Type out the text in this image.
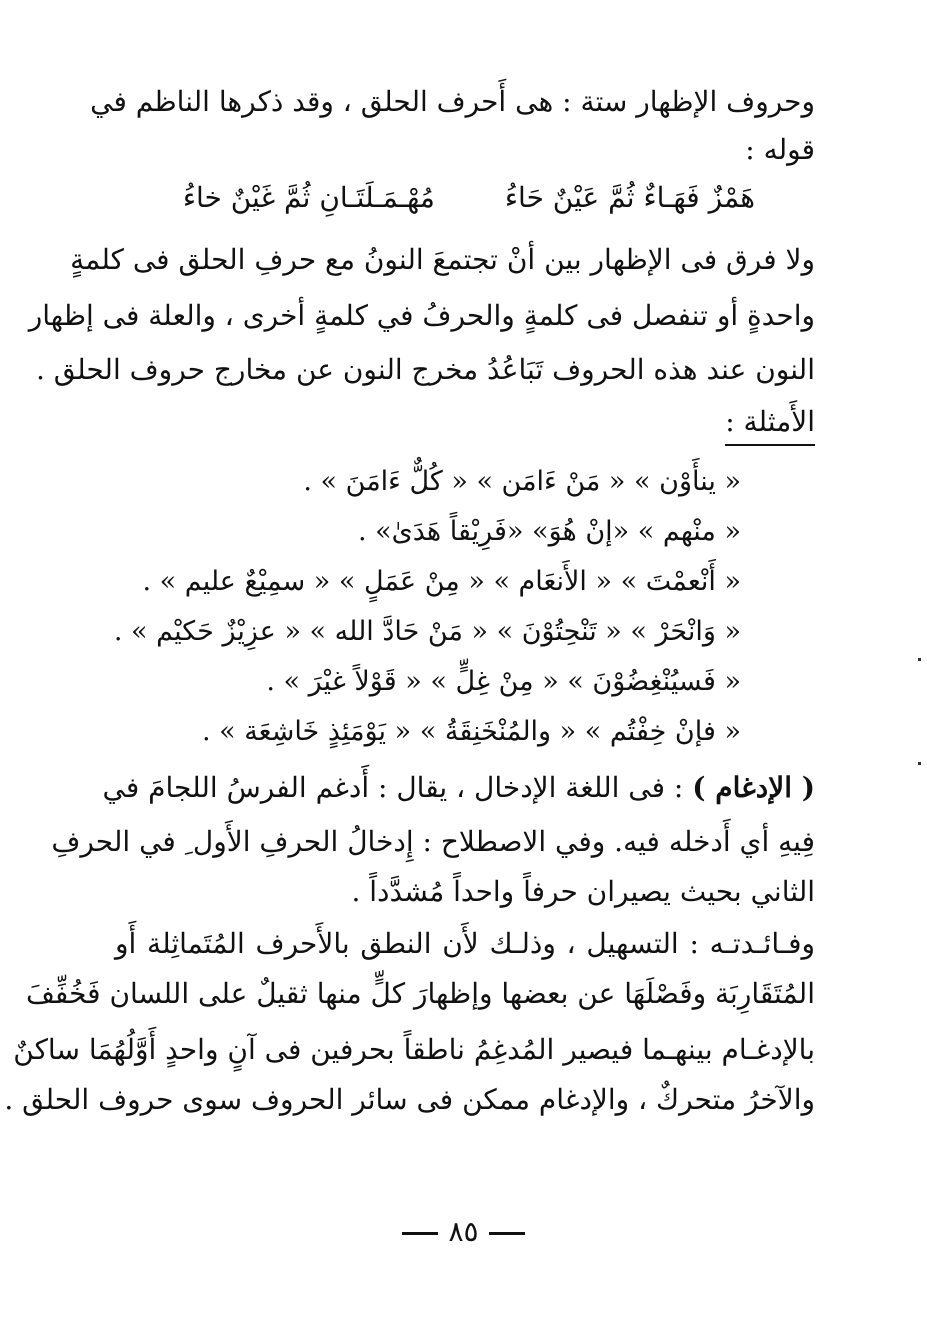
وحروف الإظهار ستة : هى أَحرف الحلق ، وقد ذكرها الناظم في
قوله :
هَمْزٌ فَهَـاءٌ ثُمَّ عَيْنٌ حَاءُمُهْـمَـلَتَـانِ ثُمَّ غَيْنٌ خاءُ
ولا فرق فى الإظهار بين أنْ تجتمعَ النونُ مع حرفِ الحلق فى كلمةٍ
واحدةٍ أو تنفصل فى كلمةٍ والحرفُ في كلمةٍ أخرى ، والعلة فى إظهار
النون عند هذه الحروف تَبَاعُدُ مخرج النون عن مخارج حروف الحلق .
الأَمثلة :
« ينأَوْن » « مَنْ ءَامَن » « كُلٌّ ءَامَنَ » .
« منْهم » «إنْ هُوَ» «فَرِيْقاً هَدَىٰ» .
« أَنْعمْتَ » « الأَنعَام » « مِنْ عَمَلٍ » « سمِيْعٌ عليم » .
« وَانْحَرْ » « تَنْحِتُوْنَ » « مَنْ حَادَّ الله » « عزِيْزٌ حَكيْم » .
« فَسيُنْغِضُوْنَ » « مِنْ غِلٍّ » « قَوْلاً غيْرَ » .
« فإنْ خِفْتُم » « والمُنْخَنِقَةُ » « يَوْمَئِذٍ خَاشِعَة » .
( الإدغام ) : فى اللغة الإدخال ، يقال : أَدغم الفرسُ اللجامَ في
فِيهِ أي أَدخله فيه. وفي الاصطلاح : إِدخالُ الحرفِ الأَول ِ في الحرفِ
الثاني بحيث يصيران حرفاً واحداً مُشدَّداً .
وفـائـدتـه : التسهيل ، وذلـك لأَن النطق بالأَحرف المُتَماثِلة أَو
المُتَقَارِبَة وفَصْلَهَا عن بعضها وإظهارَ كلٍّ منها ثقيلٌ على اللسان فَخُفِّفَ
بالإدغـام بينهـما فيصير المُدغِمُ ناطقاً بحرفين فى آنٍ واحدٍ أَوَّلُهُمَا ساكنٌ
والآخرُ متحركٌ ، والإدغام ممكن فى سائر الحروف سوى حروف الحلق .
٨٥
